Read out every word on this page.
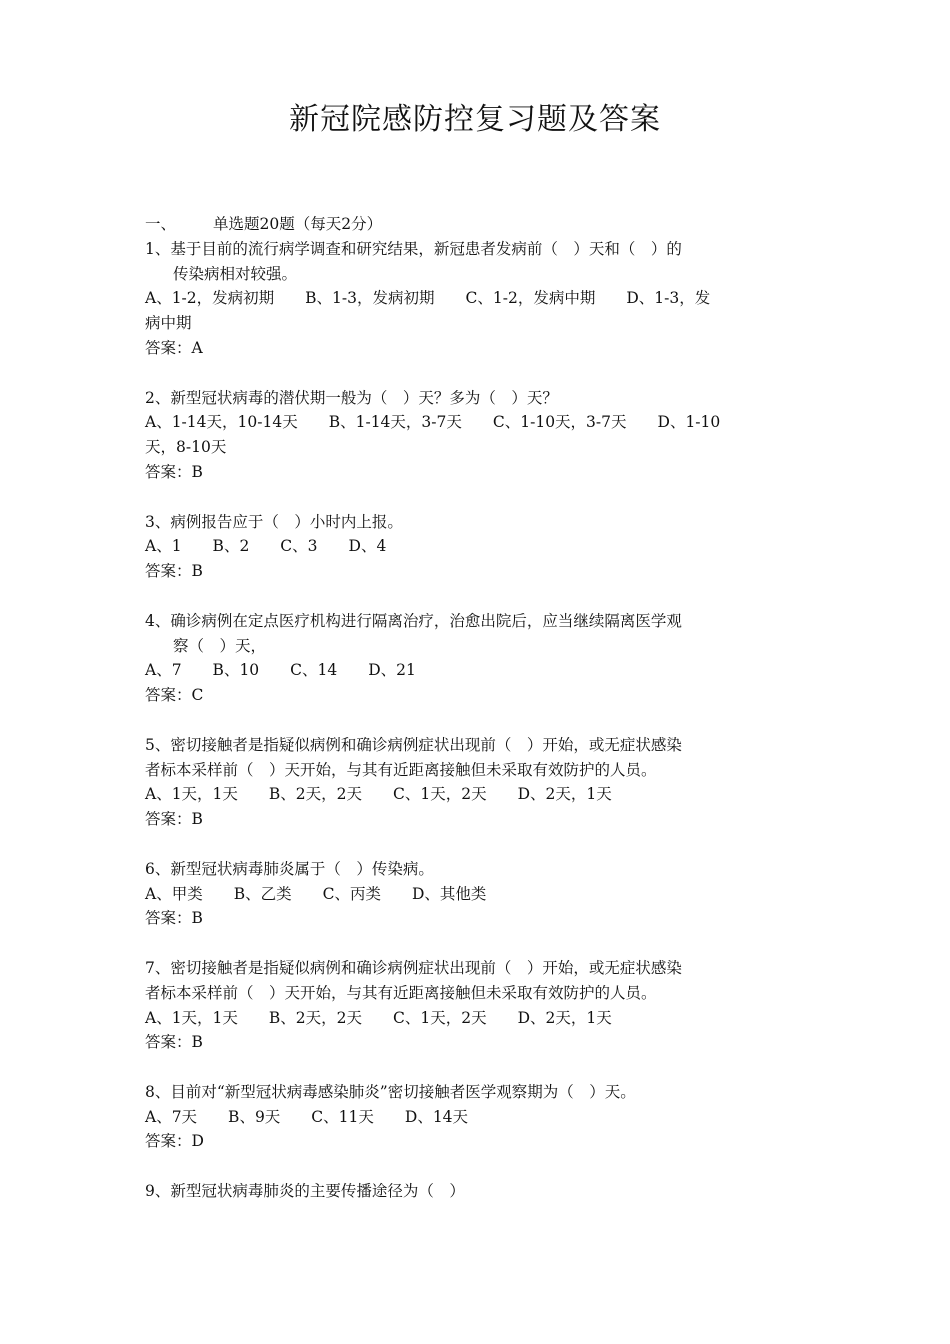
新冠院感防控复习题及答案
一、 单选题20题（每天2分）
1、基于目前的流行病学调查和研究结果，新冠患者发病前（　）天和（　）的
传染病相对较强。
A、1-2，发病初期　　B、1-3，发病初期　　C、1-2，发病中期　　D、1-3，发
病中期
答案：A
2、新型冠状病毒的潜伏期一般为（　）天？多为（　）天？
A、1-14天，10-14天　　B、1-14天，3-7天　　C、1-10天，3-7天　　D、1-10
天，8-10天
答案：B
3、病例报告应于（　）小时内上报。
A、1　　B、2　　C、3　　D、4
答案：B
4、确诊病例在定点医疗机构进行隔离治疗，治愈出院后，应当继续隔离医学观
察（　）天，
A、7　　B、10　　C、14　　D、21
答案：C
5、密切接触者是指疑似病例和确诊病例症状出现前（　）开始，或无症状感染
者标本采样前（　）天开始，与其有近距离接触但未采取有效防护的人员。
A、1天，1天　　B、2天，2天　　C、1天，2天　　D、2天，1天
答案：B
6、新型冠状病毒肺炎属于（　）传染病。
A、甲类　　B、乙类　　C、丙类　　D、其他类
答案：B
7、密切接触者是指疑似病例和确诊病例症状出现前（　）开始，或无症状感染
者标本采样前（　）天开始，与其有近距离接触但未采取有效防护的人员。
A、1天，1天　　B、2天，2天　　C、1天，2天　　D、2天，1天
答案：B
8、目前对“新型冠状病毒感染肺炎”密切接触者医学观察期为（　）天。
A、7天　　B、9天　　C、11天　　D、14天
答案：D
9、新型冠状病毒肺炎的主要传播途径为（　）
